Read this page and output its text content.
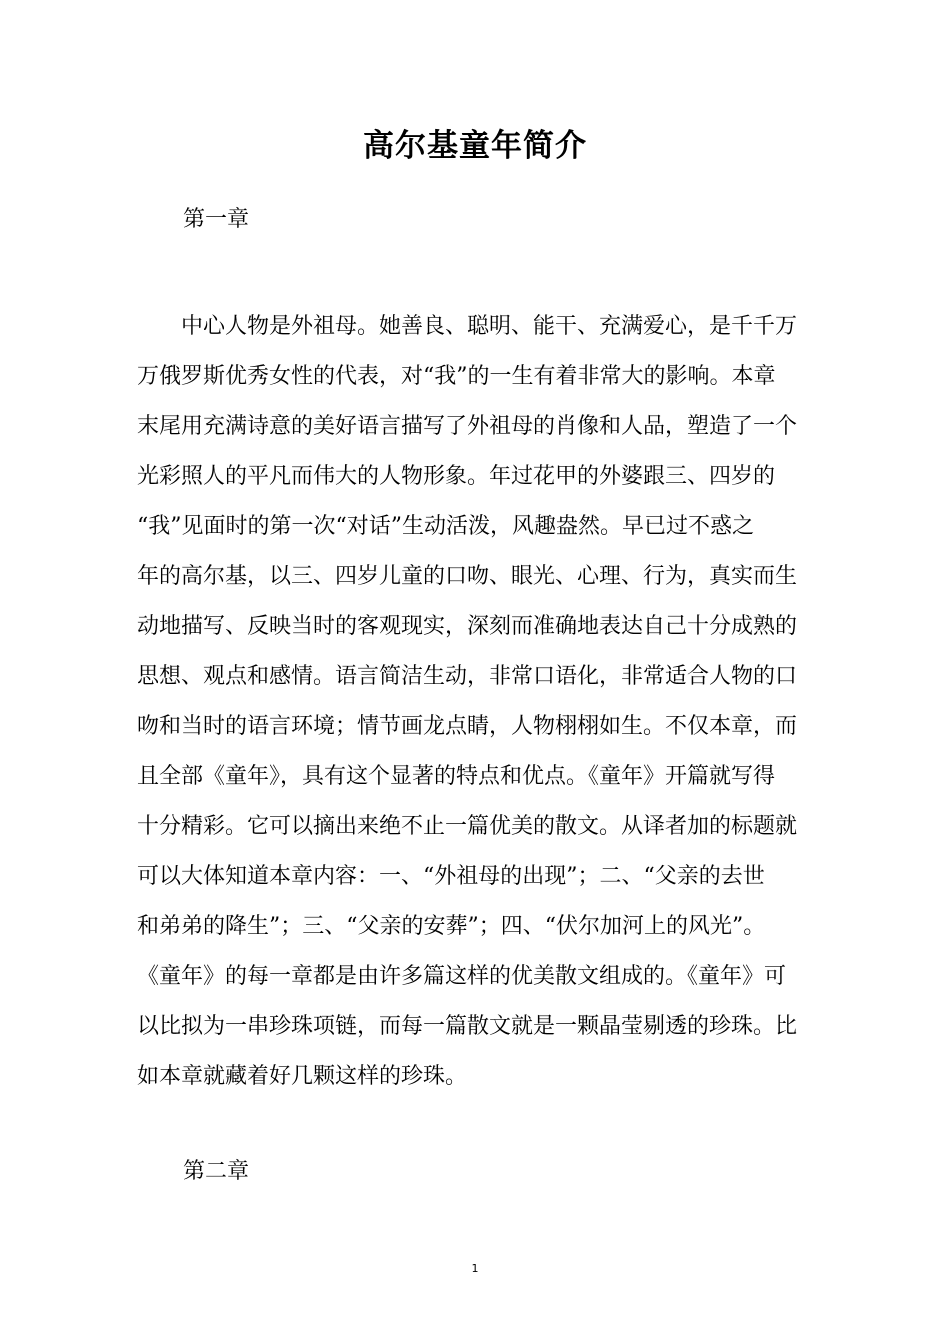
高尔基童年简介
第一章
中心人物是外祖母。她善良、聪明、能干、充满爱心，是千千万
万俄罗斯优秀女性的代表，对“我”的一生有着非常大的影响。本章
末尾用充满诗意的美好语言描写了外祖母的肖像和人品，塑造了一个
光彩照人的平凡而伟大的人物形象。年过花甲的外婆跟三、四岁的
“我”见面时的第一次“对话”生动活泼，风趣盎然。早已过不惑之
年的高尔基，以三、四岁儿童的口吻、眼光、心理、行为，真实而生
动地描写、反映当时的客观现实，深刻而准确地表达自己十分成熟的
思想、观点和感情。语言简洁生动，非常口语化，非常适合人物的口
吻和当时的语言环境；情节画龙点睛，人物栩栩如生。不仅本章，而
且全部《童年》，具有这个显著的特点和优点。《童年》开篇就写得
十分精彩。它可以摘出来绝不止一篇优美的散文。从译者加的标题就
可以大体知道本章内容：一、“外祖母的出现”；二、“父亲的去世
和弟弟的降生”；三、“父亲的安葬”；四、“伏尔加河上的风光”。
《童年》的每一章都是由许多篇这样的优美散文组成的。《童年》可
以比拟为一串珍珠项链，而每一篇散文就是一颗晶莹剔透的珍珠。比
如本章就藏着好几颗这样的珍珠。
第二章
1
